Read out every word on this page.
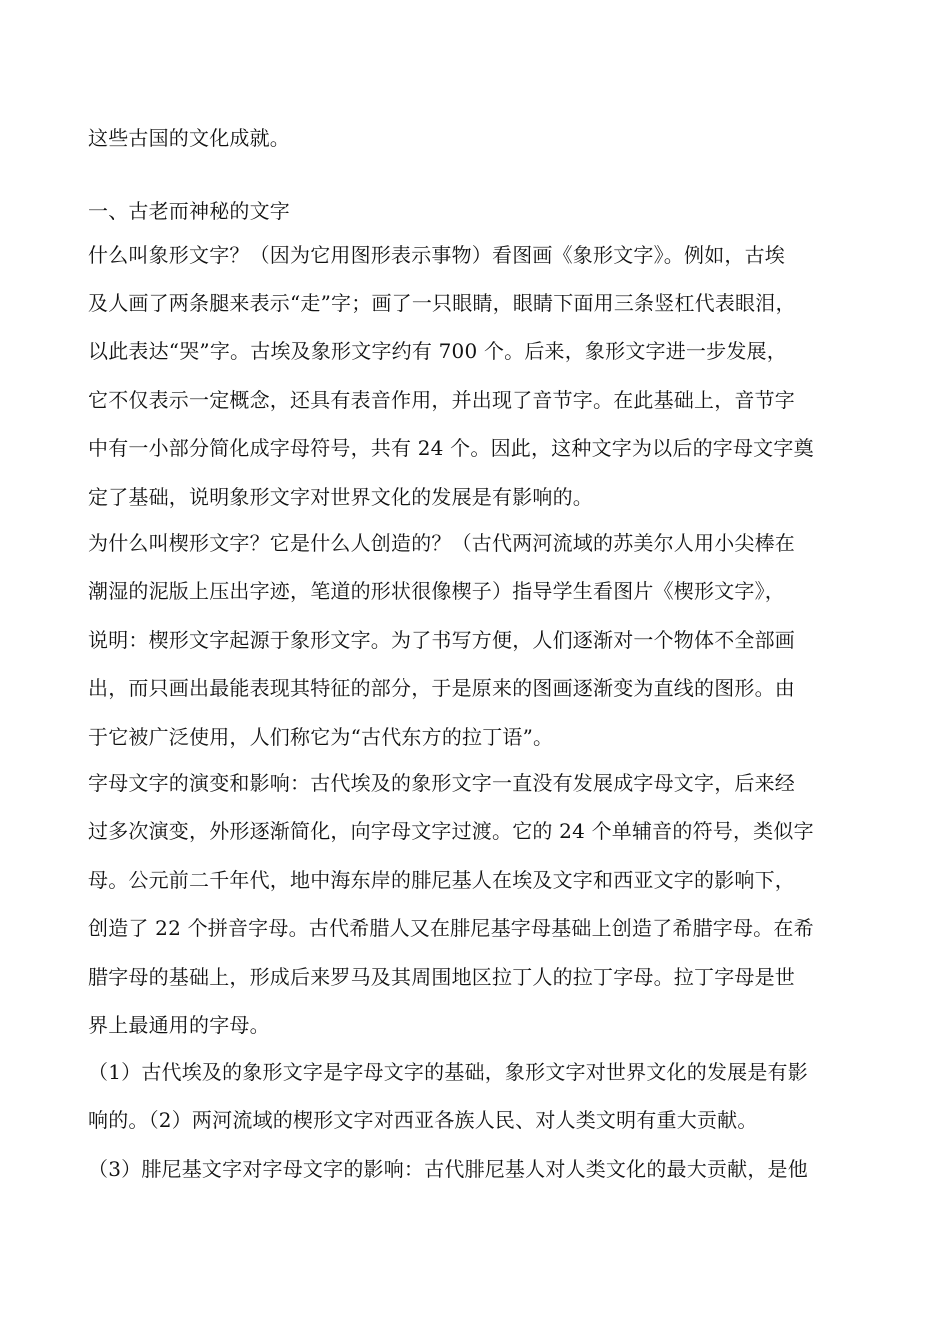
这些古国的文化成就。
一、古老而神秘的文字
什么叫象形文字？（因为它用图形表示事物）看图画《象形文字》。例如，古埃
及人画了两条腿来表示“走”字；画了一只眼睛，眼睛下面用三条竖杠代表眼泪，
以此表达“哭”字。古埃及象形文字约有 700 个。后来，象形文字进一步发展，
它不仅表示一定概念，还具有表音作用，并出现了音节字。在此基础上，音节字
中有一小部分简化成字母符号，共有 24 个。因此，这种文字为以后的字母文字奠
定了基础，说明象形文字对世界文化的发展是有影响的。
为什么叫楔形文字？它是什么人创造的？（古代两河流域的苏美尔人用小尖棒在
潮湿的泥版上压出字迹，笔道的形状很像楔子）指导学生看图片《楔形文字》，
说明：楔形文字起源于象形文字。为了书写方便，人们逐渐对一个物体不全部画
出，而只画出最能表现其特征的部分，于是原来的图画逐渐变为直线的图形。由
于它被广泛使用，人们称它为“古代东方的拉丁语”。
字母文字的演变和影响：古代埃及的象形文字一直没有发展成字母文字，后来经
过多次演变，外形逐渐简化，向字母文字过渡。它的 24 个单辅音的符号，类似字
母。公元前二千年代，地中海东岸的腓尼基人在埃及文字和西亚文字的影响下，
创造了 22 个拼音字母。古代希腊人又在腓尼基字母基础上创造了希腊字母。在希
腊字母的基础上，形成后来罗马及其周围地区拉丁人的拉丁字母。拉丁字母是世
界上最通用的字母。
（1）古代埃及的象形文字是字母文字的基础，象形文字对世界文化的发展是有影
响的。（2）两河流域的楔形文字对西亚各族人民、对人类文明有重大贡献。
（3）腓尼基文字对字母文字的影响：古代腓尼基人对人类文化的最大贡献，是他
